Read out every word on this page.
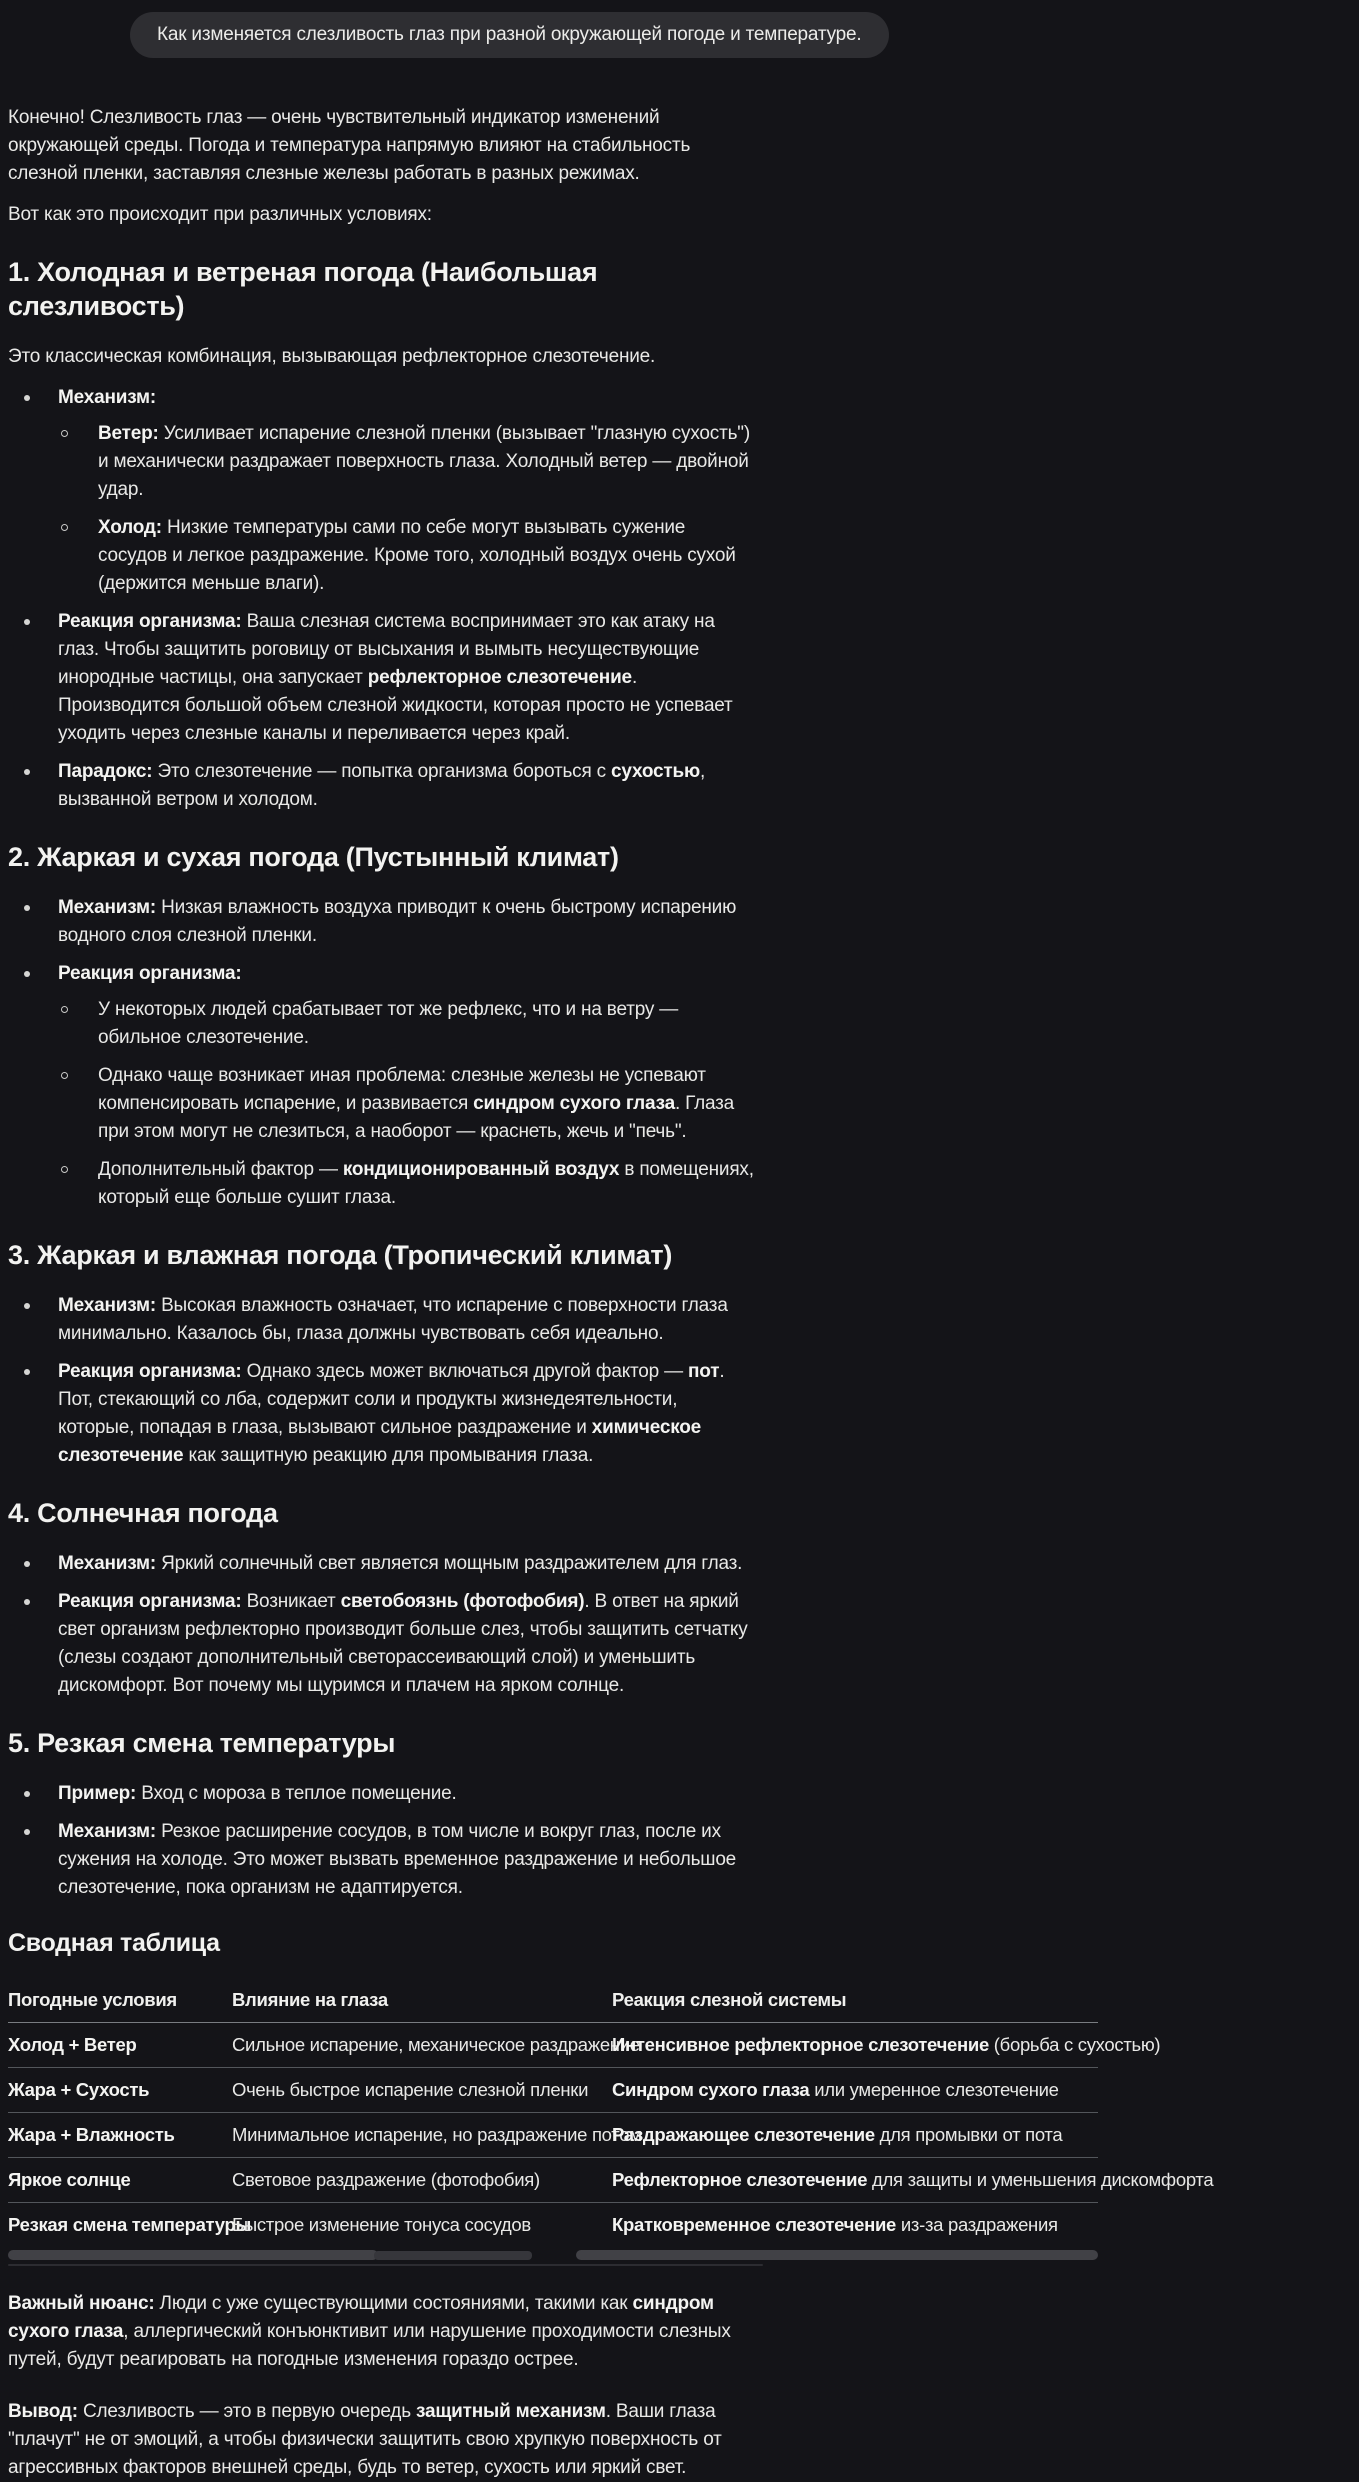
Как изменяется слезливость глаз при разной окружающей погоде и температуре.

Конечно! Слезливость глаз — очень чувствительный индикатор изменений окружающей среды. Погода и температура напрямую влияют на стабильность слезной пленки, заставляя слезные железы работать в разных режимах.

Вот как это происходит при различных условиях:

1. Холодная и ветреная погода (Наибольшая слезливость)

Это классическая комбинация, вызывающая рефлекторное слезотечение.

Механизм:
Ветер: Усиливает испарение слезной пленки (вызывает "глазную сухость") и механически раздражает поверхность глаза. Холодный ветер — двойной удар.
Холод: Низкие температуры сами по себе могут вызывать сужение сосудов и легкое раздражение. Кроме того, холодный воздух очень сухой (держится меньше влаги).
Реакция организма: Ваша слезная система воспринимает это как атаку на глаз. Чтобы защитить роговицу от высыхания и вымыть несуществующие инородные частицы, она запускает рефлекторное слезотечение. Производится большой объем слезной жидкости, которая просто не успевает уходить через слезные каналы и переливается через край.
Парадокс: Это слезотечение — попытка организма бороться с сухостью, вызванной ветром и холодом.
2. Жаркая и сухая погода (Пустынный климат)
Механизм: Низкая влажность воздуха приводит к очень быстрому испарению водного слоя слезной пленки.
Реакция организма:
У некоторых людей срабатывает тот же рефлекс, что и на ветру — обильное слезотечение.
Однако чаще возникает иная проблема: слезные железы не успевают компенсировать испарение, и развивается синдром сухого глаза. Глаза при этом могут не слезиться, а наоборот — краснеть, жечь и "печь".
Дополнительный фактор — кондиционированный воздух в помещениях, который еще больше сушит глаза.
3. Жаркая и влажная погода (Тропический климат)
Механизм: Высокая влажность означает, что испарение с поверхности глаза минимально. Казалось бы, глаза должны чувствовать себя идеально.
Реакция организма: Однако здесь может включаться другой фактор — пот. Пот, стекающий со лба, содержит соли и продукты жизнедеятельности, которые, попадая в глаза, вызывают сильное раздражение и химическое слезотечение как защитную реакцию для промывания глаза.
4. Солнечная погода
Механизм: Яркий солнечный свет является мощным раздражителем для глаз.
Реакция организма: Возникает светобоязнь (фотофобия). В ответ на яркий свет организм рефлекторно производит больше слез, чтобы защитить сетчатку (слезы создают дополнительный светорассеивающий слой) и уменьшить дискомфорт. Вот почему мы щуримся и плачем на ярком солнце.
5. Резкая смена температуры
Пример: Вход с мороза в теплое помещение.
Механизм: Резкое расширение сосудов, в том числе и вокруг глаз, после их сужения на холоде. Это может вызвать временное раздражение и небольшое слезотечение, пока организм не адаптируется.
Сводная таблица
Погодные условия	Влияние на глаза	Реакция слезной системы
Холод + Ветер	Сильное испарение, механическое раздражение	Интенсивное рефлекторное слезотечение (борьба с сухостью)
Жара + Сухость	Очень быстрое испарение слезной пленки	Синдром сухого глаза или умеренное слезотечение
Жара + Влажность	Минимальное испарение, но раздражение потом	Раздражающее слезотечение для промывки от пота
Яркое солнце	Световое раздражение (фотофобия)	Рефлекторное слезотечение для защиты и уменьшения дискомфорта
Резкая смена температуры	Быстрое изменение тонуса сосудов	Кратковременное слезотечение из-за раздражения

Важный нюанс: Люди с уже существующими состояниями, такими как синдром сухого глаза, аллергический конъюнктивит или нарушение проходимости слезных путей, будут реагировать на погодные изменения гораздо острее.

Вывод: Слезливость — это в первую очередь защитный механизм. Ваши глаза "плачут" не от эмоций, а чтобы физически защитить свою хрупкую поверхность от агрессивных факторов внешней среды, будь то ветер, сухость или яркий свет.
